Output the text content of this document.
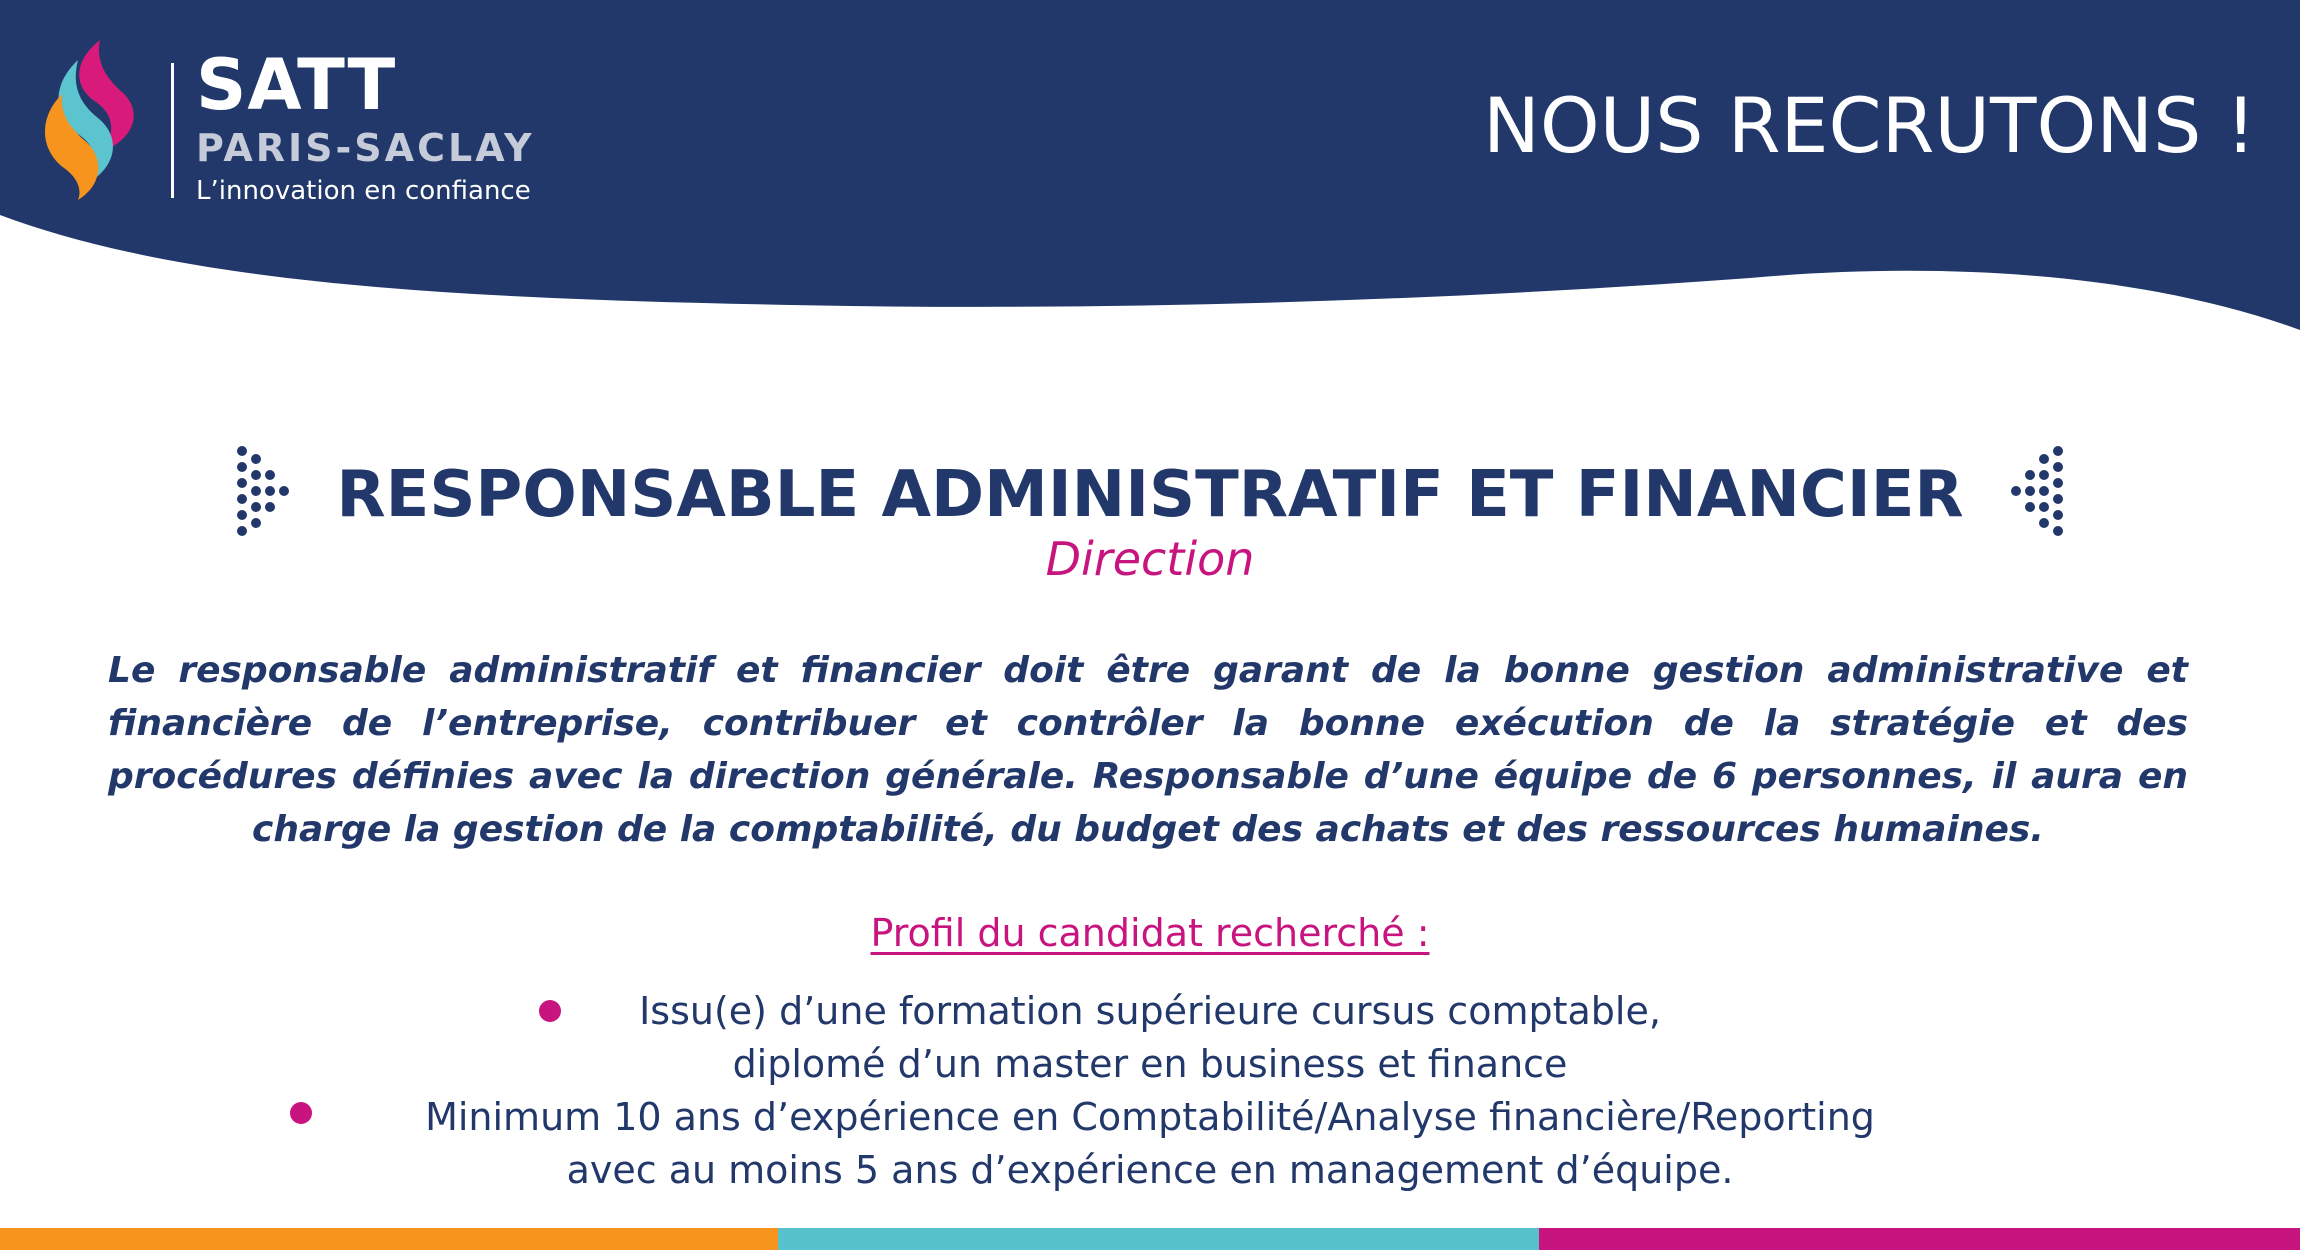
SATT
PARIS-SACLAY
L’innovation en confiance
NOUS RECRUTONS !
RESPONSABLE ADMINISTRATIF ET FINANCIER
Direction
Le responsable administratif et financier doit être garant de la bonne gestion administrative et financière de l’entreprise, contribuer et contrôler la bonne exécution de la stratégie et des procédures définies avec la direction générale. Responsable d’une équipe de 6 personnes, il aura en charge la gestion de la comptabilité, du budget des achats et des ressources humaines.
Profil du candidat recherché :
Issu(e) d’une formation supérieure cursus comptable,
diplomé d’un master en business et finance
Minimum 10 ans d’expérience en Comptabilité/Analyse financière/Reporting
avec au moins 5 ans d’expérience en management d’équipe.
